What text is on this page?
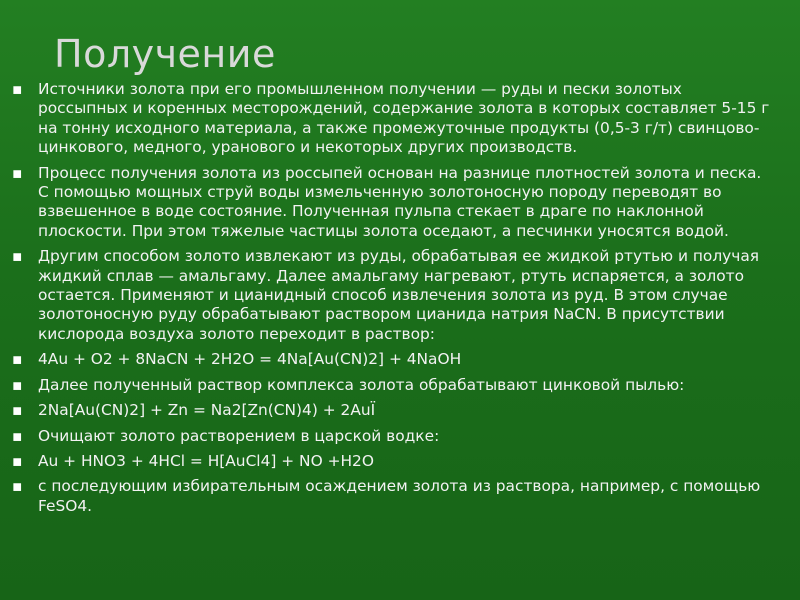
Получение
▪ Источники золота при его промышленном получении — руды и пески золотых россыпных и коренных месторождений, содержание золота в которых составляет 5-15 г на тонну исходного материала, а также промежуточные продукты (0,5-3 г/т) свинцово-цинкового, медного, уранового и некоторых других производств.
▪ Процесс получения золота из россыпей основан на разнице плотностей золота и песка. С помощью мощных струй воды измельченную золотоносную породу переводят во взвешенное в воде состояние. Полученная пульпа стекает в драге по наклонной плоскости. При этом тяжелые частицы золота оседают, а песчинки уносятся водой.
▪ Другим способом золото извлекают из руды, обрабатывая ее жидкой ртутью и получая жидкий сплав — амальгаму. Далее амальгаму нагревают, ртуть испаряется, а золото остается. Применяют и цианидный способ извлечения золота из руд. В этом случае золотоносную руду обрабатывают раствором цианида натрия NaCN. В присутствии кислорода воздуха золото переходит в раствор:
▪ 4Au + O2 + 8NaCN + 2H2O = 4Na[Au(CN)2] + 4NaOH
▪ Далее полученный раствор комплекса золота обрабатывают цинковой пылью:
▪ 2Na[Au(CN)2] + Zn = Na2[Zn(CN)4) + 2AuЇ
▪ Очищают золото растворением в царской водке:
▪ Au + HNO3 + 4HCl = H[AuCl4] + NO +H2O
▪ с последующим избирательным осаждением золота из раствора, например, с помощью FeSO4.
